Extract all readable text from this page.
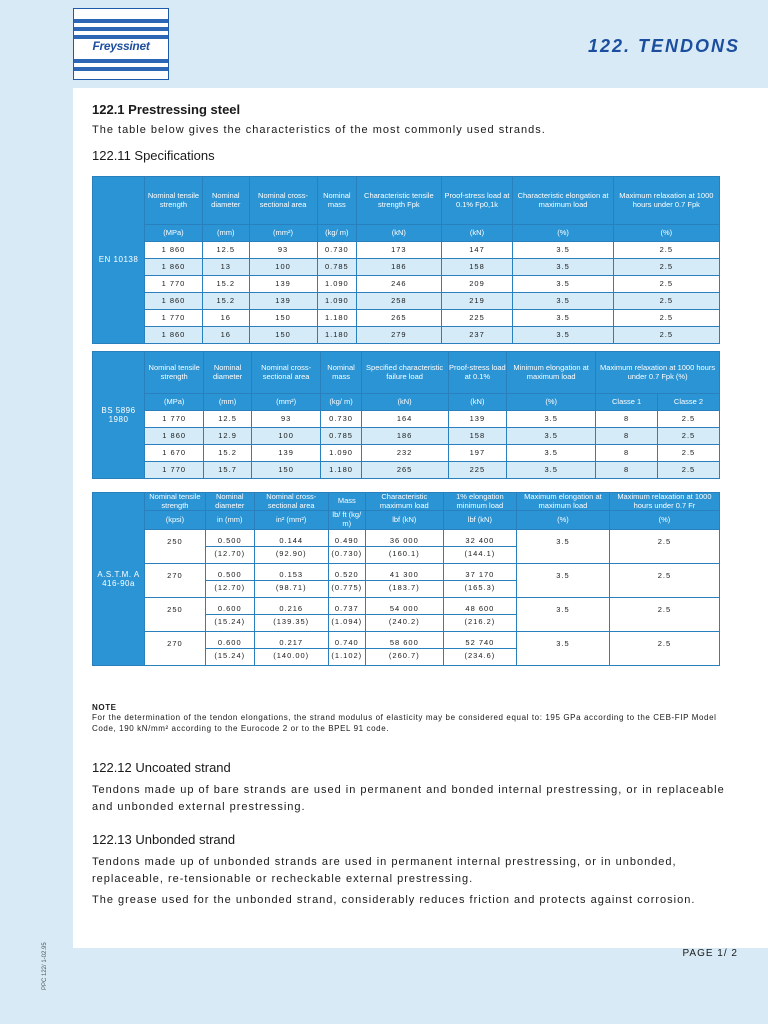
Freyssinet	122. TENDONS
122.1 Prestressing steel
The table below gives the characteristics of the most commonly used strands.
122.11 Specifications
EN 10138	Nominal tensile strength	Nominal diameter	Nominal cross-sectional area	Nominal mass	Characteristic tensile strength Fpk	Proof-stress load at 0.1% Fp0,1k	Characteristic elongation at maximum load	Maximum relaxation at 1000 hours under 0.7 Fpk
	(MPa)	(mm)	(mm²)	(kg/ m)	(kN)	(kN)	(%)	(%)
	1 860	12.5	93	0.730	173	147	3.5	2.5
	1 860	13	100	0.785	186	158	3.5	2.5
	1 770	15.2	139	1.090	246	209	3.5	2.5
	1 860	15.2	139	1.090	258	219	3.5	2.5
	1 770	16	150	1.180	265	225	3.5	2.5
	1 860	16	150	1.180	279	237	3.5	2.5
BS 5896 1980	Nominal tensile strength	Nominal diameter	Nominal cross-sectional area	Nominal mass	Specified characteristic failure load	Proof-stress load at 0.1%	Minimum elongation at maximum load	Maximum relaxation at 1000 hours under 0.7 Fpk (%)	
	(MPa)	(mm)	(mm²)	(kg/ m)	(kN)	(kN)	(%)	Classe 1	Classe 2
	1 770	12.5	93	0.730	164	139	3.5	8	2.5
	1 860	12.9	100	0.785	186	158	3.5	8	2.5
	1 670	15.2	139	1.090	232	197	3.5	8	2.5
	1 770	15.7	150	1.180	265	225	3.5	8	2.5
A.S.T.M. A 416-90a	Nominal tensile strength	Nominal diameter	Nominal cross-sectional area	Mass	Characteristic maximum load	1% elongation minimum load	Maximum elongation at maximum load	Maximum relaxation at 1000 hours under 0.7 Fr
	(kpsi)	in (mm)	in² (mm²)	lb/ ft (kg/ m)	lbf (kN)	lbf (kN)	(%)	(%)
	250	0.500	0.144	0.490	36 000	32 400	3.5	2.5
		(12.70)	(92.90)	(0.730)	(160.1)	(144.1)		
	270	0.500	0.153	0.520	41 300	37 170	3.5	2.5
		(12.70)	(98.71)	(0.775)	(183.7)	(165.3)		
	250	0.600	0.216	0.737	54 000	48 600	3.5	2.5
		(15.24)	(139.35)	(1.094)	(240.2)	(216.2)		
	270	0.600	0.217	0.740	58 600	52 740	3.5	2.5
		(15.24)	(140.00)	(1.102)	(260.7)	(234.6)		
NOTE
For the determination of the tendon elongations, the strand modulus of elasticity may be considered equal to: 195 GPa according to the CEB-FIP Model Code, 190 kN/mm² according to the Eurocode 2 or to the BPEL 91 code.
122.12 Uncoated strand
Tendons made up of bare strands are used in permanent and bonded internal prestressing, or in replaceable and unbonded external prestressing.
122.13 Unbonded strand
Tendons made up of unbonded strands are used in permanent internal prestressing, or in unbonded, replaceable, re-tensionable or recheckable external prestressing.
The grease used for the unbonded strand, considerably reduces friction and protects against corrosion.
PAGE 1/ 2
PPC 122/ 1-02.95
